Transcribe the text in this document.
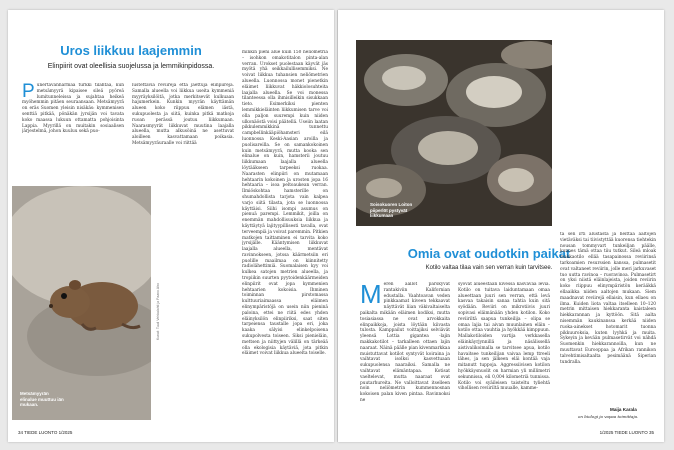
Uros liikkuu laajemmin

Elinpiirit ovat oleellisia suojelussa ja lemmikinpidossa.

Punertavanharmaa turkki tilahtaa, kun metsämyyrä kipaisee sileä pyöreä lumitunneleissa ja sujahtaa heikeä myöhemmin pitäen seuraansaan. Metsämyyrä on eräs Suomen yleisin nisäkäs: kymmenisen senttiä pitkää, pönäkän jyrsijän voi tavata koko maassa lukuun ottamatta pohjoisinta Lappia. Myyrillä on muitakin sosiaalisen järjestelmä, johon kuuluu sekä puo-

lustettavia reviirejä että jaettuja elinpiirejä. Samalla alueella voi liikkua useita kymmeniä myyräyksilöitä, jotka merkitsevät kulkuaan hajumerkein. Kunkin myyrän käyttämän alueen koko riippuu elämen iästä, sukupuolesta ja siitä, kuinka pitkä matkoja ruoan perässä joutuu liikkumaan. Naarasmyyrät liikkuvat muutina laajalla alueella, mutta alkusöinä ne asettuvat aloilleen kasvattamaan poikasia. Metsämyyräuraalle voi riittää

minkin pieni alue kuin 150 neliömetriä – isohkon omakotitalon pinta-alan verran. Urokset puolestaan käyvät jäs myötä yhä seikkailullisemmiksi. Ne voivat liikkua tuhansien neliömetrien alueella. Luonnossa monet pienetkin eläimet liikkuvat häkkiolosuhteita laajalla alueella. Se voi monessa tilanteessa olla ihmisilleikin sisukkaan tieto. Esimerkiksi pienten lemmikkieläinten liikkumisen tarve voi olla paljon suurempi kuin niiden ulkonäöstä voisi päätellä. Useiin laatan pikkulemmikkinä tunnettu campbellinkääpiöhamsteri eilä luonnossa Keski-Aasian aroilla ja puolisareilla. Se on samankokoinen kuin metsämyyrä, mutta kooka sen elinalue on kuin, hamsterii joutuu liikkumaan laajalla alueella löytääkseen tarpeeksi ruokaa. Naarasten elinpiiri on mutamaan hehtaarin kokoinen ja urosten jopa 16 hehtaaria – isoa peltoaukean verran. Ilmiöskohtaa hamsterille on shumahdollista tarjota vain kalpea varjo siitä tilasta, jota se luonnossa käyttäisi. Siihi isompi asumus on pienuä parempi. Lemmikit, joilla on enemmän mahdollisuuksia liikkua ja käyttäytyä lajityypillisesti tavalla, ovat terveempiä ja voivat paremmin. Pitkien matkojen taittaminen ei tarvita koko jyrsijälle. Kääntymisen liikkuvat laajalla alueella, mentävat ravinnokseen, jotssa käärmetsiin eri puolille maailmaa on kiinnitetty radiolähettimiä. Suomalaisen kyy voi kulkea satojen metrien alueella, ja tropiikin suurten pyytoidenkäärmeiden elinpiirit ovat jopa kymmenien hehtaarien kokoisia. Ihminen toiminnan pirstomassa kulttuuriaimaassa eläimen elinympäristöjä on usein niin pieninä paloina, ettei ne riitä edes yhden eläinyksilön elinpiiriksi, saat siten tarpeiensa taustalle jopa eri, joka kaaka sälyisi elinkelpoisena sukupolvesta toiseen. Siksi pienieläin, mettsen ja niittyjen välillä on tärkeää olla ekologisia käytäviä, jota pitkin eläimet voivat liikkua alueelta toiselle.

Metsämyyrän elinalue muuttuu iän mukaan.

Kuvat: Tuuli Vehkalahti ja Paavo Aho

34 TIEDE LUONTO 1/2025

Soisokuoren Loiton piiperlöt pystyvät liikkumaan

Omia ovat oudotkin paikat

Kotilo valtaa tilaa vain sen verran kuin tarvitsee.

Meren aallot pärskyvät rantakiviin Kalifornian edustalla. Vaahtoavan veden pinkkaamat kiveen tekkaavat näyttävät liian väkivaltaiselta paikalta mikään eläimen kodiksi, mutta tosiasiassa ne ovat arvokkaita elinpaikkoja, joista löytään kiivasta tulosta. Kamppailut voittajiksi selviävät yleensä Lottia gigantea -lajin makkakotilot – tarkalleen ottaen lajin naaraat. Näinä päälle pian kivenmarkkaa muistuttavat kotilot syntyvät koiraina ja vaihtavat isolksi kasvettuaan sukupuolensa naaraiksi. Samalla ne vaihtavat elämäntapaa. Kotisat vaeltelevat, mutta naaraat ovat puutarhureita. Ne valloittavat itselleen noin neliömetrin kummennosnan kokoisen palan kiven pintaa. Ravinnoksi ne

syövät alueestaan kivessä kasvavaa leviä. Kotilo on tuitava laiduntamaan omaa alueettaan juuri sen verran, että levä kasvaa takaisin sanaa tahtia kuin sitä syödään. Reviiri on mikrotiivis juuri sopivasi eläimänään yhden kotilon. Koko reviiriltä saapua tunkeilija – olipa se omaa lajia tai aivan muunlainen eläin – kotilo ottaa vauhtia ja hyökkää kimppuun. Mallakotiloiden vartija verkkasella eläinkäyrjynnillä ja näsälissellä aistivalikoimalla se tarvitsee apua, kotilo havaitsee tunkeilijan vaivaa lemp ttreeli lähes, ja sen jälkeen eläi kontää vaja mitanutt tuppoja. Aggressiivisen kotilon hyökkäysnuolit on harmian yli millimetri sekunnissa, eli 0,004 kilometriä tunnissa. Kotilo voi syäileisen taisteltu tyliehtä vihollisen reviiriltä muualle, kamme-

ta sen irti alustasta ja heittää aaltojen vietäväksi tai tiivistyttää kuorensa tiehtekin nousan tommyvart tunkeiljan päälle, kunnes tämä ottaa tiiu tutkut. Sileä mloak makkaotilo ellää tasapainossa reviirinsä tarkoamien resurssien kanssa, pulmasetit ovat valtaneet reviirin, jolle meri jarkuvaset tuo uutta ravinoa – ruoravinoa. Pulmasetirt on yksi niistä eläinlajeista, joiden reviirin koko riippuu elinympäristön kerääkkä ellaaikka niiden aaltojen mukaan. Siem maadnavat reviirejä ellaisin, kun ellaeu on ilma. Kuiden liota valtaa itselleen 10–120 metrin mittaisen hiekkaranta kaistaleen hiekkarannan ja kyttöön. Sitä aalta nisemmän kaukinanssa kerkää niiden ruoka-ainekset hotomarit tuonna pikkuuroksia, kuten lyyhkä ja muita. Sykeyin ja kevään pulmasetirvät voi nähdä Suomenkin hiekkarannoilla, kun ne muuttavat Eurooppaa ja Afrikan rannikon talvehtimisaltaalta pesimäänä Siperian tundralla.

Maija Karala

on biologi ja vapaa toimittaja.

1/2025 TIEDE LUONTO 35
